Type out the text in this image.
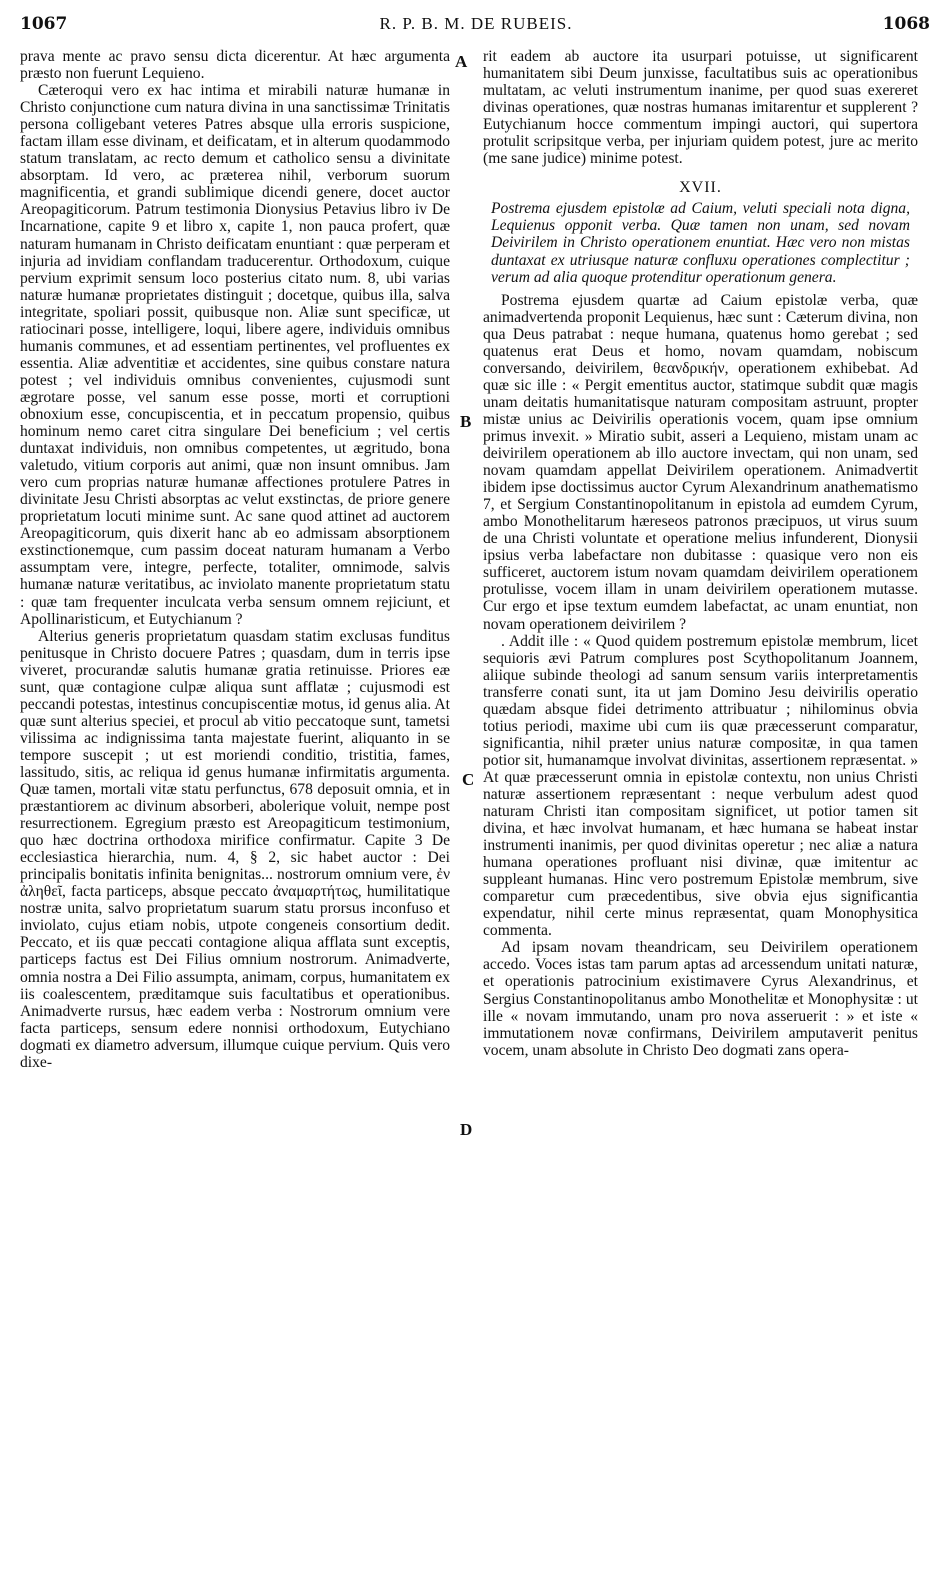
1067	R. P. B. M. DE RUBEIS.	1068
A
B
C
D

prava mente ac pravo sensu dicta dicerentur. At hæc argumenta præsto non fuerunt Lequieno.

Cæteroqui vero ex hac intima et mirabili naturæ humanæ in Christo conjunctione cum natura divina in una sanctissimæ Trinitatis persona colligebant veteres Patres absque ulla erroris suspicione, factam illam esse divinam, et deificatam, et in alterum quodammodo statum translatam, ac recto demum et catholico sensu a divinitate absorptam. Id vero, ac præterea nihil, verborum suorum magnificentia, et grandi sublimique dicendi genere, docet auctor Areopagiticorum. Patrum testimonia Dionysius Petavius libro iv De Incarnatione, capite 9 et libro x, capite 1, non pauca profert, quæ naturam humanam in Christo deificatam enuntiant : quæ perperam et injuria ad invidiam conflandam traducerentur. Orthodoxum, cuique pervium exprimit sensum loco posterius citato num. 8, ubi varias naturæ humanæ proprietates distinguit ; docetque, quibus illa, salva integritate, spoliari possit, quibusque non. Aliæ sunt specificæ, ut ratiocinari posse, intelligere, loqui, libere agere, individuis omnibus humanis communes, et ad essentiam pertinentes, vel profluentes ex essentia. Aliæ adventitiæ et accidentes, sine quibus constare natura potest ; vel individuis omnibus convenientes, cujusmodi sunt ægrotare posse, vel sanum esse posse, morti et corruptioni obnoxium esse, concupiscentia, et in peccatum propensio, quibus hominum nemo caret citra singulare Dei beneficium ; vel certis duntaxat individuis, non omnibus competentes, ut ægritudo, bona valetudo, vitium corporis aut animi, quæ non insunt omnibus. Jam vero cum proprias naturæ humanæ affectiones protulere Patres in divinitate Jesu Christi absorptas ac velut exstinctas, de priore genere proprietatum locuti minime sunt. Ac sane quod attinet ad auctorem Areopagiticorum, quis dixerit hanc ab eo admissam absorptionem exstinctionemque, cum passim doceat naturam humanam a Verbo assumptam vere, integre, perfecte, totaliter, omnimode, salvis humanæ naturæ veritatibus, ac inviolato manente proprietatum statu : quæ tam frequenter inculcata verba sensum omnem rejiciunt, et Apollinaristicum, et Eutychianum ?

Alterius generis proprietatum quasdam statim exclusas funditus penitusque in Christo docuere Patres ; quasdam, dum in terris ipse viveret, procurandæ salutis humanæ gratia retinuisse. Priores eæ sunt, quæ contagione culpæ aliqua sunt afflatæ ; cujusmodi est peccandi potestas, intestinus concupiscentiæ motus, id genus alia. At quæ sunt alterius speciei, et procul ab vitio peccatoque sunt, tametsi vilissima ac indignissima tanta majestate fuerint, aliquanto in se tempore suscepit ; ut est moriendi conditio, tristitia, fames, lassitudo, sitis, ac reliqua id genus humanæ infirmitatis argumenta. Quæ tamen, mortali vitæ statu perfunctus, 678 deposuit omnia, et in præstantiorem ac divinum absorberi, abolerique voluit, nempe post resurrectionem. Egregium præsto est Areopagiticum testimonium, quo hæc doctrina orthodoxa mirifice confirmatur. Capite 3 De ecclesiastica hierarchia, num. 4, § 2, sic habet auctor : Dei principalis bonitatis infinita benignitas... nostrorum omnium vere, ἐν ἀληθεῖ, facta particeps, absque peccato ἀναμαρτήτως, humilitatique nostræ unita, salvo proprietatum suarum statu prorsus inconfuso et inviolato, cujus etiam nobis, utpote congeneis consortium dedit. Peccato, et iis quæ peccati contagione aliqua afflata sunt exceptis, particeps factus est Dei Filius omnium nostrorum. Animadverte, omnia nostra a Dei Filio assumpta, animam, corpus, humanitatem ex iis coalescentem, præditamque suis facultatibus et operationibus. Animadverte rursus, hæc eadem verba : Nostrorum omnium vere facta particeps, sensum edere nonnisi orthodoxum, Eutychiano dogmati ex diametro adversum, illumque cuique pervium. Quis vero dixe-

rit eadem ab auctore ita usurpari potuisse, ut significarent humanitatem sibi Deum junxisse, facultatibus suis ac operationibus multatam, ac veluti instrumentum inanime, per quod suas exereret divinas operationes, quæ nostras humanas imitarentur et supplerent ? Eutychianum hocce commentum impingi auctori, qui supertora protulit scripsitque verba, per injuriam quidem potest, jure ac merito (me sane judice) minime potest.

XVII.

Postrema ejusdem epistolæ ad Caium, veluti speciali nota digna, Lequienus opponit verba. Quæ tamen non unam, sed novam Deivirilem in Christo operationem enuntiat. Hæc vero non mistas duntaxat ex utriusque naturæ confluxu operationes complectitur ; verum ad alia quoque protenditur operationum genera.

Postrema ejusdem quartæ ad Caium epistolæ verba, quæ animadvertenda proponit Lequienus, hæc sunt : Cæterum divina, non qua Deus patrabat : neque humana, quatenus homo gerebat ; sed quatenus erat Deus et homo, novam quamdam, nobiscum conversando, deivirilem, θεανδρικήν, operationem exhibebat. Ad quæ sic ille : « Pergit ementitus auctor, statimque subdit quæ magis unam deitatis humanitatisque naturam compositam astruunt, propter mistæ unius ac Deivirilis operationis vocem, quam ipse omnium primus invexit. » Miratio subit, asseri a Lequieno, mistam unam ac deivirilem operationem ab illo auctore invectam, qui non unam, sed novam quamdam appellat Deivirilem operationem. Animadvertit ibidem ipse doctissimus auctor Cyrum Alexandrinum anathematismo 7, et Sergium Constantinopolitanum in epistola ad eumdem Cyrum, ambo Monothelitarum hæreseos patronos præcipuos, ut virus suum de una Christi voluntate et operatione melius infunderent, Dionysii ipsius verba labefactare non dubitasse : quasique vero non eis sufficeret, auctorem istum novam quamdam deivirilem operationem protulisse, vocem illam in unam deivirilem operationem mutasse. Cur ergo et ipse textum eumdem labefactat, ac unam enuntiat, non novam operationem deivirilem ?

. Addit ille : « Quod quidem postremum epistolæ membrum, licet sequioris ævi Patrum complures post Scythopolitanum Joannem, aliique subinde theologi ad sanum sensum variis interpretamentis transferre conati sunt, ita ut jam Domino Jesu deivirilis operatio quædam absque fidei detrimento attribuatur ; nihilominus obvia totius periodi, maxime ubi cum iis quæ præcesserunt comparatur, significantia, nihil præter unius naturæ compositæ, in qua tamen potior sit, humanamque involvat divinitas, assertionem repræsentat. » At quæ præcesserunt omnia in epistolæ contextu, non unius Christi naturæ assertionem repræsentant : neque verbulum adest quod naturam Christi itan compositam significet, ut potior tamen sit divina, et hæc involvat humanam, et hæc humana se habeat instar instrumenti inanimis, per quod divinitas operetur ; nec aliæ a natura humana operationes profluant nisi divinæ, quæ imitentur ac suppleant humanas. Hinc vero postremum Epistolæ membrum, sive comparetur cum præcedentibus, sive obvia ejus significantia expendatur, nihil certe minus repræsentat, quam Monophysitica commenta.

Ad ipsam novam theandricam, seu Deivirilem operationem accedo. Voces istas tam parum aptas ad arcessendum unitati naturæ, et operationis patrocinium existimavere Cyrus Alexandrinus, et Sergius Constantinopolitanus ambo Monothelitæ et Monophysitæ : ut ille « novam immutando, unam pro nova asseruerit : » et iste « immutationem novæ confirmans, Deivirilem amputaverit penitus vocem, unam absolute in Christo Deo dogmati zans opera-
